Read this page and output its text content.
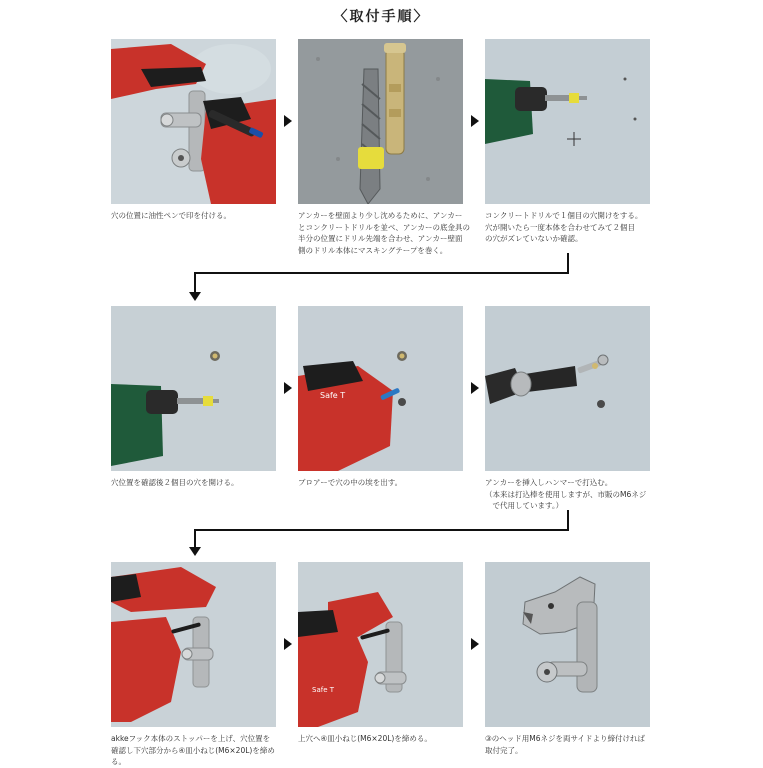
〈取付手順〉
穴の位置に油性ペンで印を付ける。	アンカーを壁面より少し沈めるために、アンカー
とコンクリートドリルを並べ、アンカーの底金具の
半分の位置にドリル先端を合わせ、アンカー壁面
側のドリル本体にマスキングテープを巻く。
コンクリートドリルで１個目の穴開けをする。
穴が開いたら一度本体を合わせてみて２個目
の穴がズレていないか確認。
穴位置を確認後２個目の穴を開ける。
Safe T
ブロアーで穴の中の埃を出す。	アンカーを挿入しハンマーで打込む。
（本来は打込棒を使用しますが、市販のM6ネジ
　で代用しています。）
akkeフック本体のストッパーを上げ、穴位置を
確認し下穴部分から④皿小ねじ(M6×20L)を締める。
Safe T
上穴へ④皿小ねじ(M6×20L)を締める。	③のヘッド用M6ネジを両サイドより締付ければ
取付完了。
